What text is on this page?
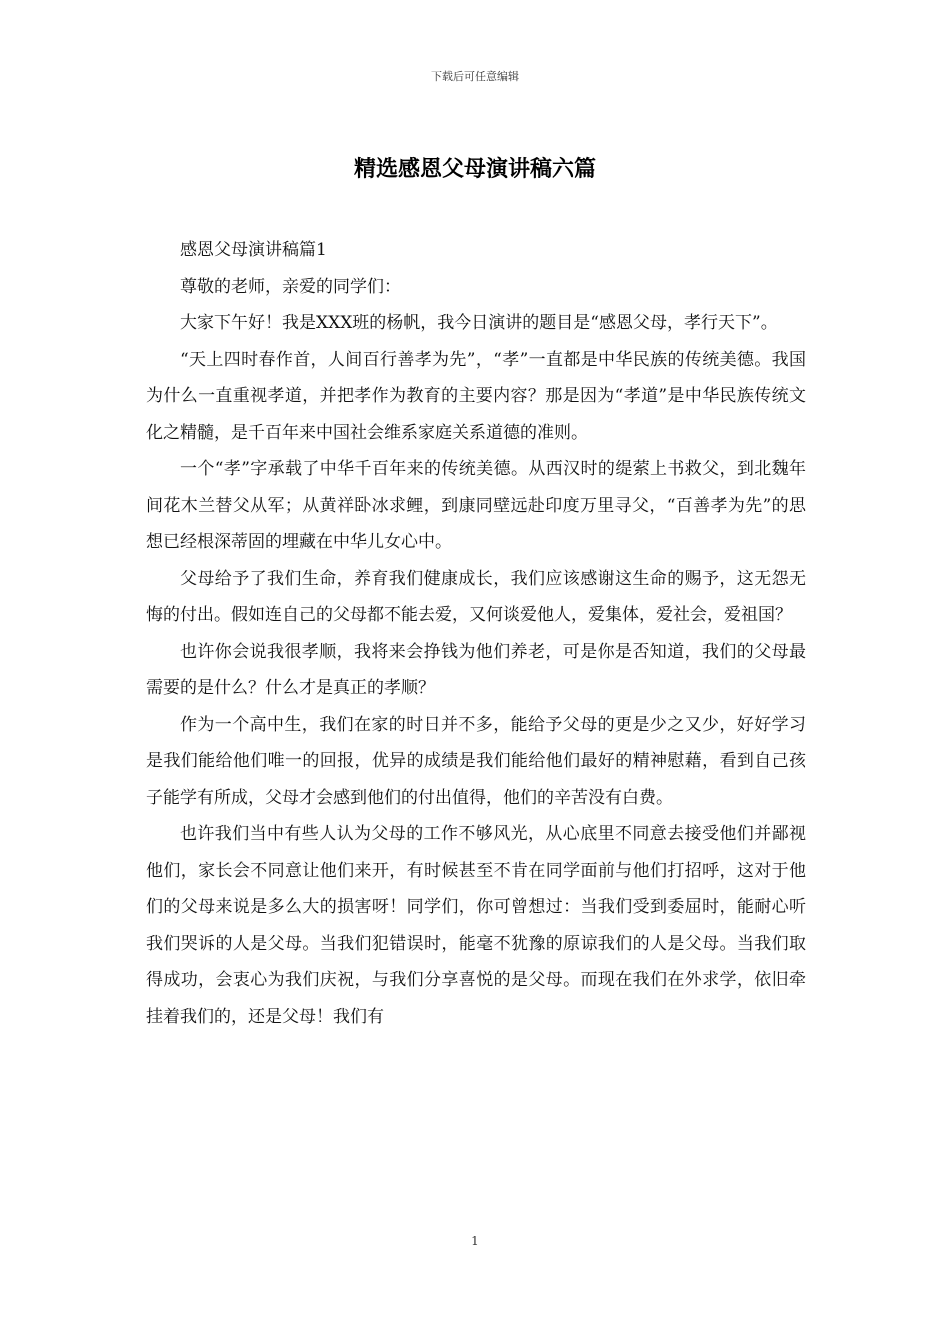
下载后可任意编辑
精选感恩父母演讲稿六篇

感恩父母演讲稿篇1

尊敬的老师，亲爱的同学们：

大家下午好！我是XXX班的杨帆，我今日演讲的题目是“感恩父母，孝行天下”。

“天上四时春作首，人间百行善孝为先”，“孝”一直都是中华民族的传统美德。我国为什么一直重视孝道，并把孝作为教育的主要内容？那是因为“孝道”是中华民族传统文化之精髓，是千百年来中国社会维系家庭关系道德的准则。

一个“孝”字承载了中华千百年来的传统美德。从西汉时的缇萦上书救父，到北魏年间花木兰替父从军；从黄祥卧冰求鲤，到康同壁远赴印度万里寻父，“百善孝为先”的思想已经根深蒂固的埋藏在中华儿女心中。

父母给予了我们生命，养育我们健康成长，我们应该感谢这生命的赐予，这无怨无悔的付出。假如连自己的父母都不能去爱，又何谈爱他人，爱集体，爱社会，爱祖国？

也许你会说我很孝顺，我将来会挣钱为他们养老，可是你是否知道，我们的父母最需要的是什么？什么才是真正的孝顺？

作为一个高中生，我们在家的时日并不多，能给予父母的更是少之又少，好好学习是我们能给他们唯一的回报，优异的成绩是我们能给他们最好的精神慰藉，看到自己孩子能学有所成，父母才会感到他们的付出值得，他们的辛苦没有白费。

也许我们当中有些人认为父母的工作不够风光，从心底里不同意去接受他们并鄙视他们，家长会不同意让他们来开，有时候甚至不肯在同学面前与他们打招呼，这对于他们的父母来说是多么大的损害呀！同学们，你可曾想过：当我们受到委屈时，能耐心听我们哭诉的人是父母。当我们犯错误时，能毫不犹豫的原谅我们的人是父母。当我们取得成功，会衷心为我们庆祝，与我们分享喜悦的是父母。而现在我们在外求学，依旧牵挂着我们的，还是父母！我们有

1
